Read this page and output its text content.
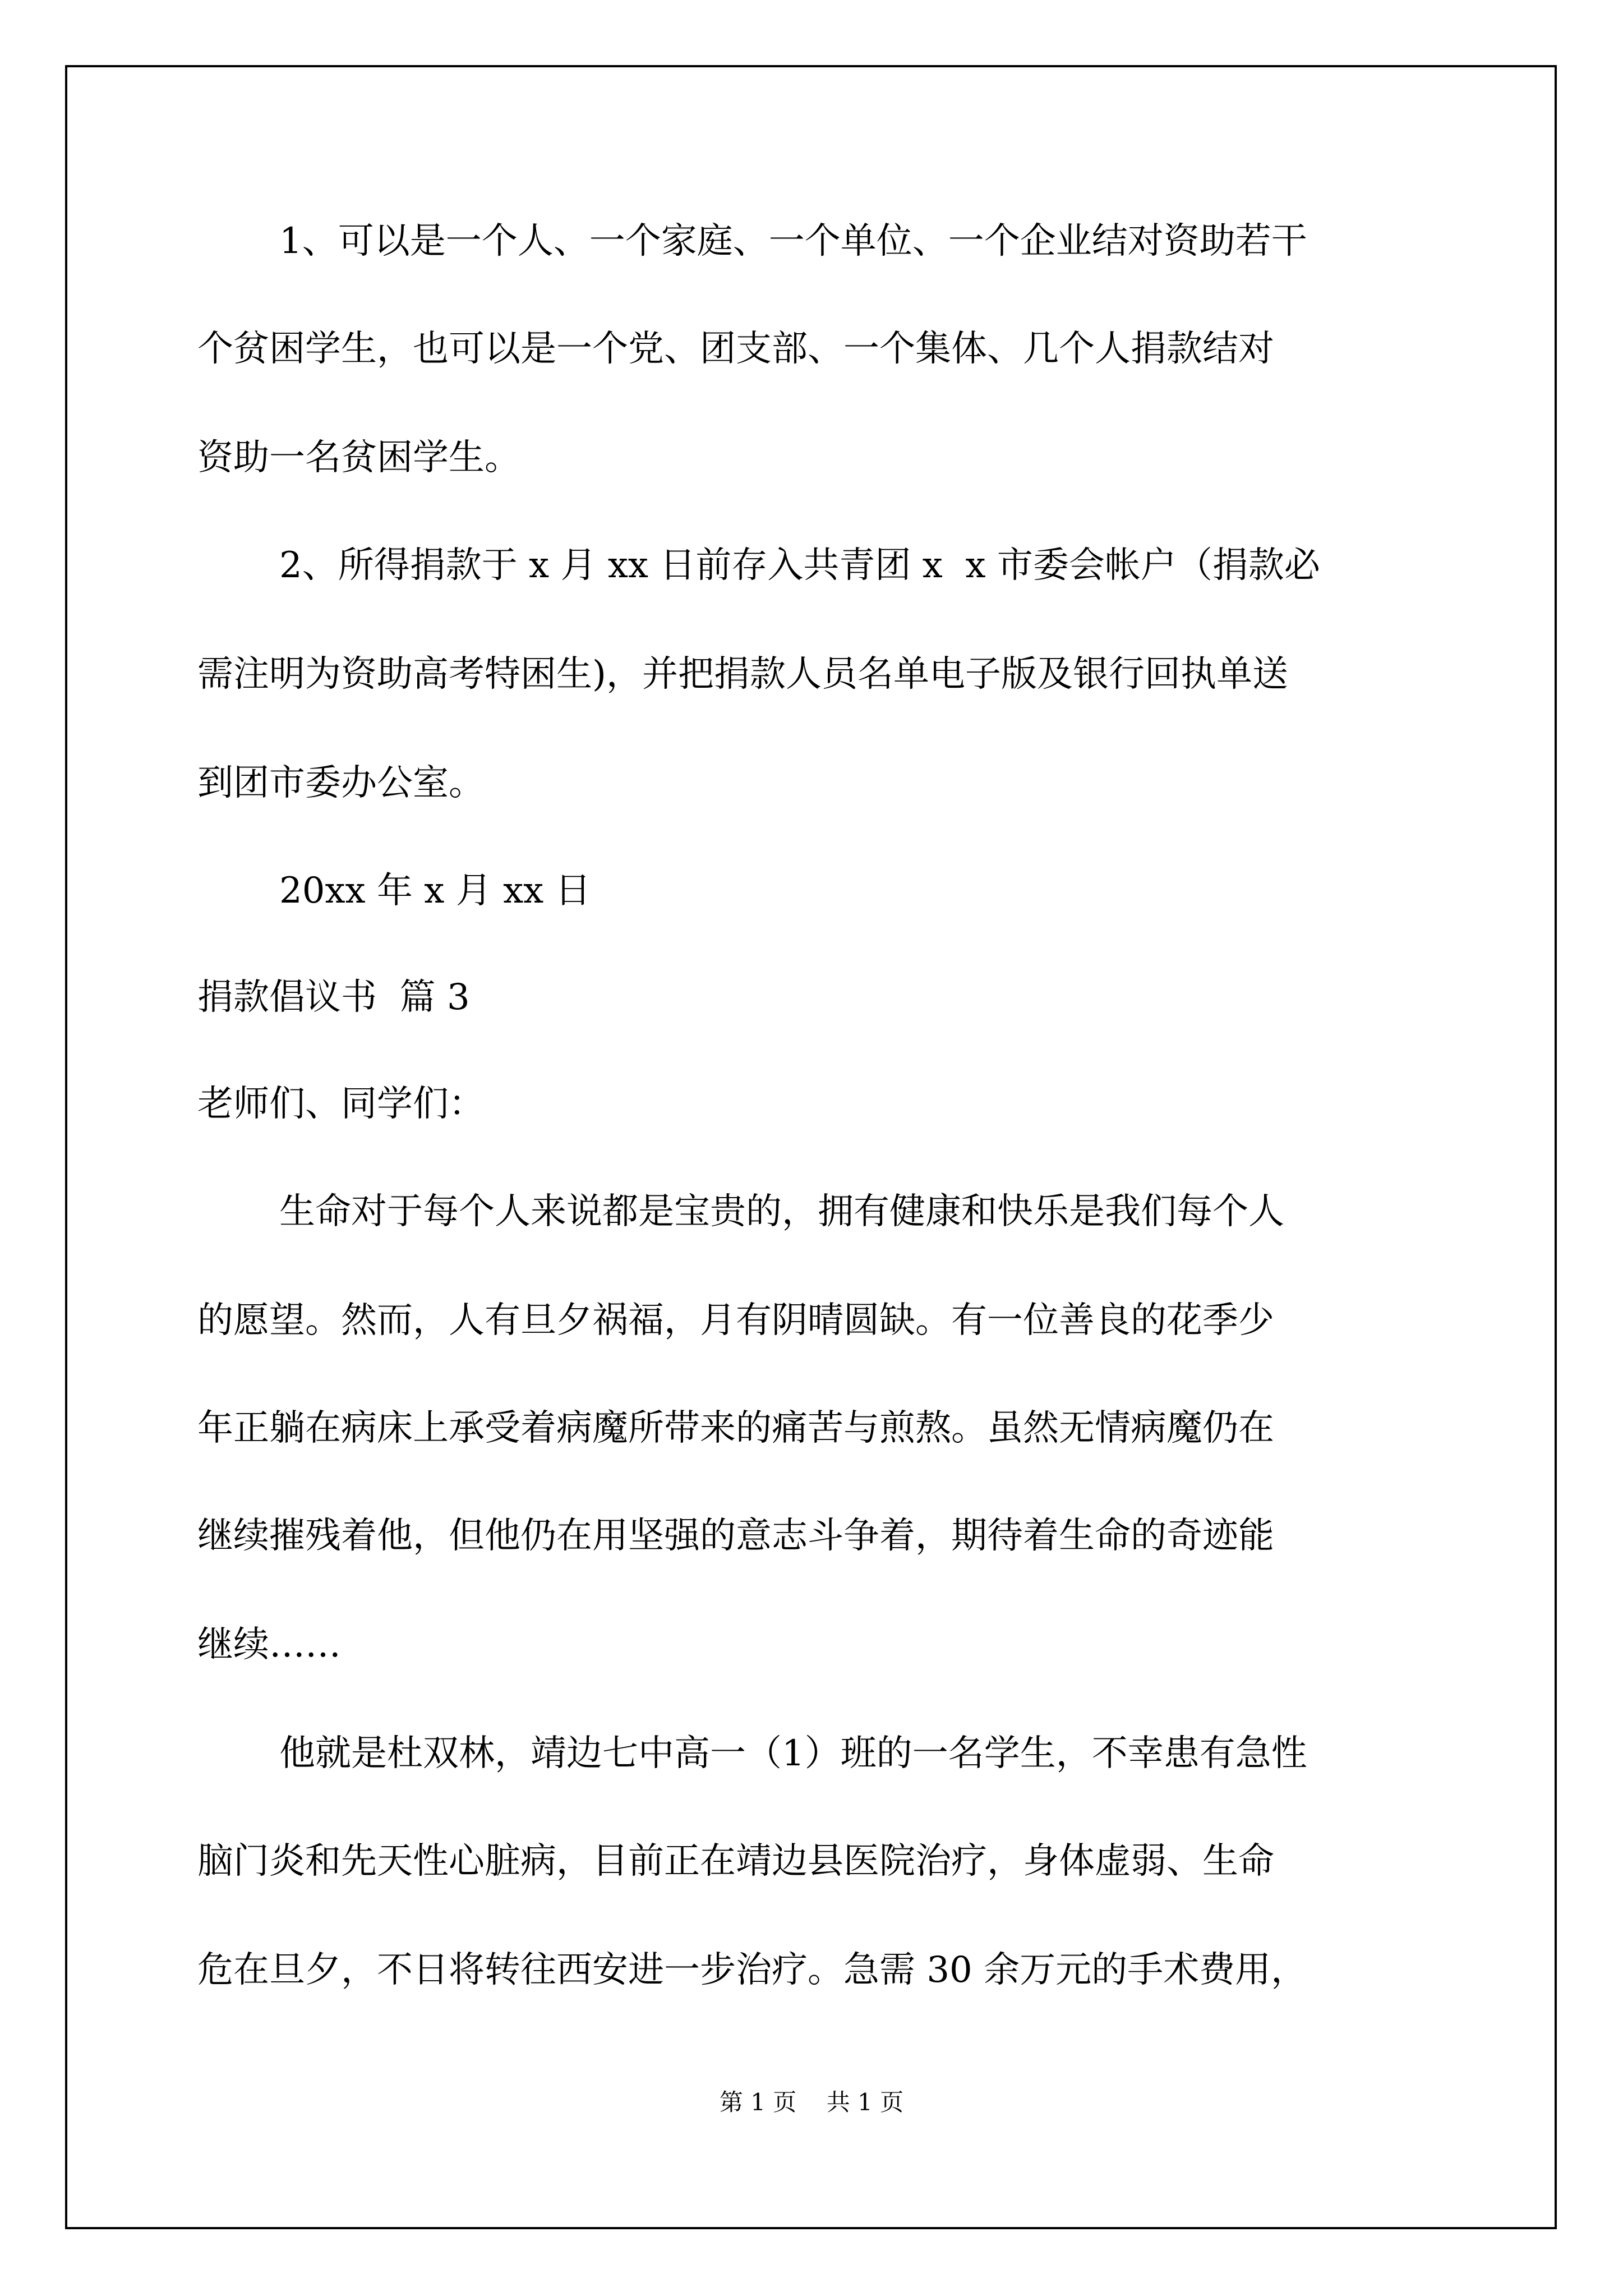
1、可以是一个人、一个家庭、一个单位、一个企业结对资助若干
个贫困学生，也可以是一个党、团支部、一个集体、几个人捐款结对
资助一名贫困学生。
2、所得捐款于 x 月 xx 日前存入共青团 x  x 市委会帐户（捐款必
需注明为资助高考特困生)，并把捐款人员名单电子版及银行回执单送
到团市委办公室。
20xx 年 x 月 xx 日
捐款倡议书  篇 3
老师们、同学们：
生命对于每个人来说都是宝贵的，拥有健康和快乐是我们每个人
的愿望。然而，人有旦夕祸福，月有阴晴圆缺。有一位善良的花季少
年正躺在病床上承受着病魔所带来的痛苦与煎熬。虽然无情病魔仍在
继续摧残着他，但他仍在用坚强的意志斗争着，期待着生命的奇迹能
继续……
他就是杜双林，靖边七中高一（1）班的一名学生，不幸患有急性
脑门炎和先天性心脏病，目前正在靖边县医院治疗，身体虚弱、生命
危在旦夕，不日将转往西安进一步治疗。急需 30 余万元的手术费用，
第 1 页    共 1 页
